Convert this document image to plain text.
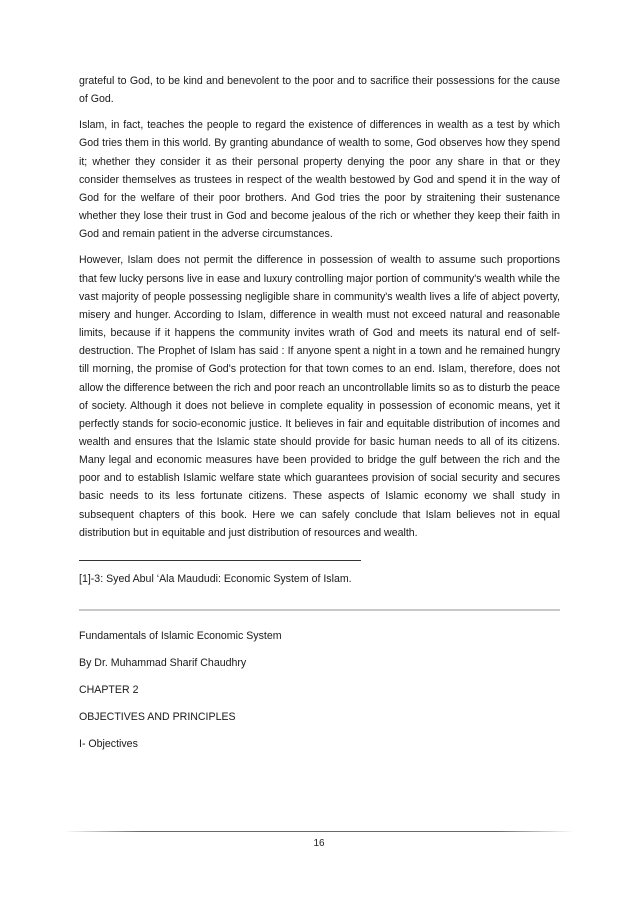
grateful to God, to be kind and benevolent to the poor and to sacrifice their possessions for the cause of God.

Islam, in fact, teaches the people to regard the existence of differences in wealth as a test by which God tries them in this world. By granting abundance of wealth to some, God observes how they spend it; whether they consider it as their personal property denying the poor any share in that or they consider themselves as trustees in respect of the wealth bestowed by God and spend it in the way of God for the welfare of their poor brothers. And God tries the poor by straitening their sustenance whether they lose their trust in God and become jealous of the rich or whether they keep their faith in God and remain patient in the adverse circumstances.

However, Islam does not permit the difference in possession of wealth to assume such proportions that few lucky persons live in ease and luxury controlling major portion of community's wealth while the vast majority of people possessing negligible share in community's wealth lives a life of abject poverty, misery and hunger. According to Islam, difference in wealth must not exceed natural and reasonable limits, because if it happens the community invites wrath of God and meets its natural end of self-destruction. The Prophet of Islam has said : If anyone spent a night in a town and he remained hungry till morning, the promise of God's protection for that town comes to an end. Islam, therefore, does not allow the difference between the rich and poor reach an uncontrollable limits so as to disturb the peace of society. Although it does not believe in complete equality in possession of economic means, yet it perfectly stands for socio-economic justice. It believes in fair and equitable distribution of incomes and wealth and ensures that the Islamic state should provide for basic human needs to all of its citizens. Many legal and economic measures have been provided to bridge the gulf between the rich and the poor and to establish Islamic welfare state which guarantees provision of social security and secures basic needs to its less fortunate citizens. These aspects of Islamic economy we shall study in subsequent chapters of this book. Here we can safely conclude that Islam believes not in equal distribution but in equitable and just distribution of resources and wealth.

[1]-3: Syed Abul ‘Ala Maududi: Economic System of Islam.

Fundamentals of Islamic Economic System

By Dr. Muhammad Sharif Chaudhry

CHAPTER 2

OBJECTIVES AND PRINCIPLES

I- Objectives

16
